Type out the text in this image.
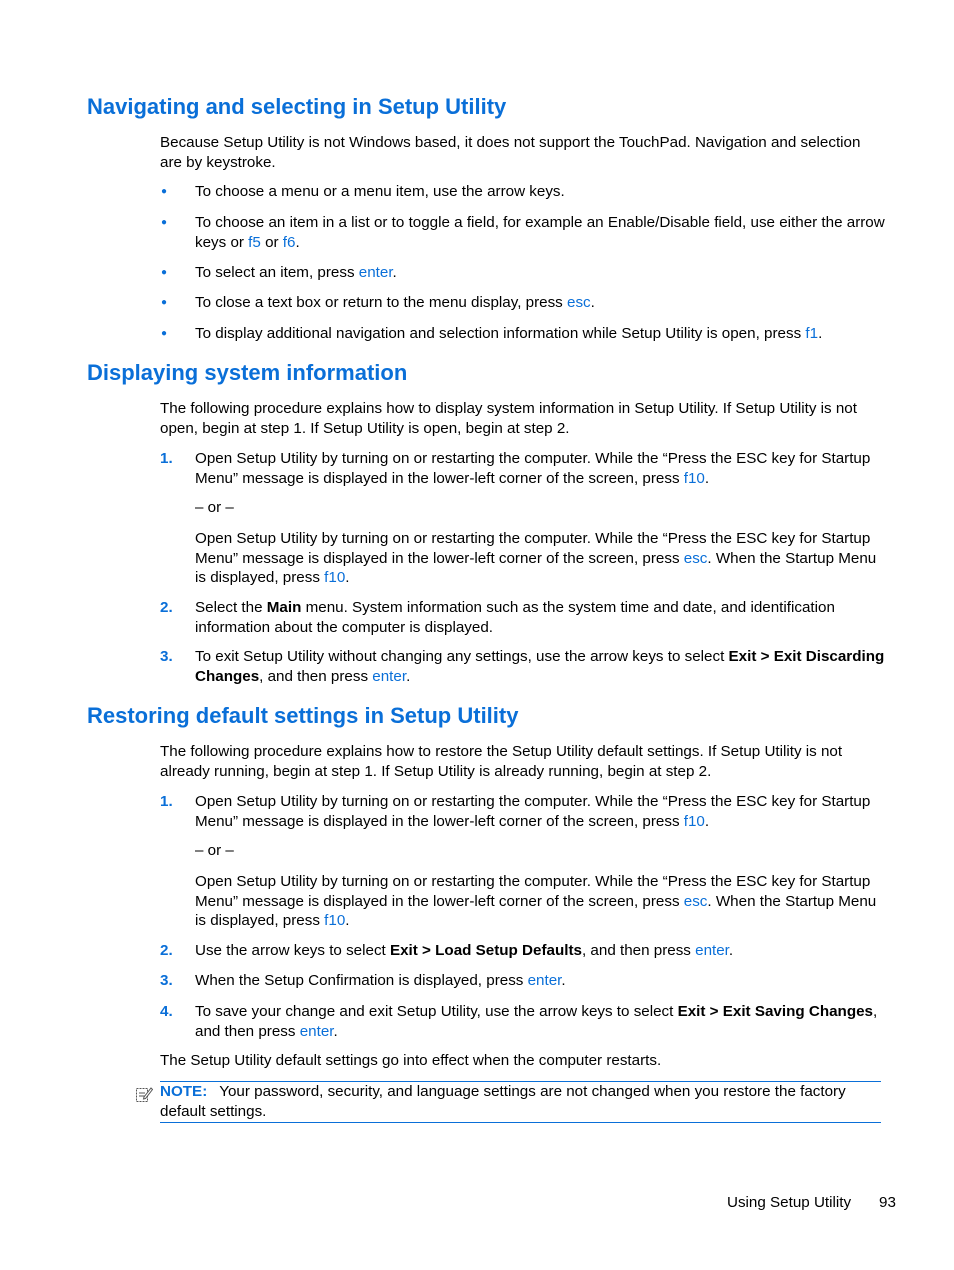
Navigating and selecting in Setup Utility

Because Setup Utility is not Windows based, it does not support the TouchPad. Navigation and selection are by keystroke.

●	To choose a menu or a menu item, use the arrow keys.
●	To choose an item in a list or to toggle a field, for example an Enable/Disable field, use either the arrow keys or f5 or f6.
●	To select an item, press enter.
●	To close a text box or return to the menu display, press esc.
●	To display additional navigation and selection information while Setup Utility is open, press f1.
Displaying system information

The following procedure explains how to display system information in Setup Utility. If Setup Utility is not open, begin at step 1. If Setup Utility is open, begin at step 2.

1.	Open Setup Utility by turning on or restarting the computer. While the “Press the ESC key for Startup Menu” message is displayed in the lower-left corner of the screen, press f10.
– or –
Open Setup Utility by turning on or restarting the computer. While the “Press the ESC key for Startup Menu” message is displayed in the lower-left corner of the screen, press esc. When the Startup Menu is displayed, press f10.
2.	Select the Main menu. System information such as the system time and date, and identification information about the computer is displayed.
3.	To exit Setup Utility without changing any settings, use the arrow keys to select Exit > Exit Discarding Changes, and then press enter.
Restoring default settings in Setup Utility

The following procedure explains how to restore the Setup Utility default settings. If Setup Utility is not already running, begin at step 1. If Setup Utility is already running, begin at step 2.

1.	Open Setup Utility by turning on or restarting the computer. While the “Press the ESC key for Startup Menu” message is displayed in the lower-left corner of the screen, press f10.
– or –
Open Setup Utility by turning on or restarting the computer. While the “Press the ESC key for Startup Menu” message is displayed in the lower-left corner of the screen, press esc. When the Startup Menu is displayed, press f10.
2.	Use the arrow keys to select Exit > Load Setup Defaults, and then press enter.
3.	When the Setup Confirmation is displayed, press enter.
4.	To save your change and exit Setup Utility, use the arrow keys to select Exit > Exit Saving Changes, and then press enter.

The Setup Utility default settings go into effect when the computer restarts.

NOTE: Your password, security, and language settings are not changed when you restore the factory default settings.
Using Setup Utility 93
